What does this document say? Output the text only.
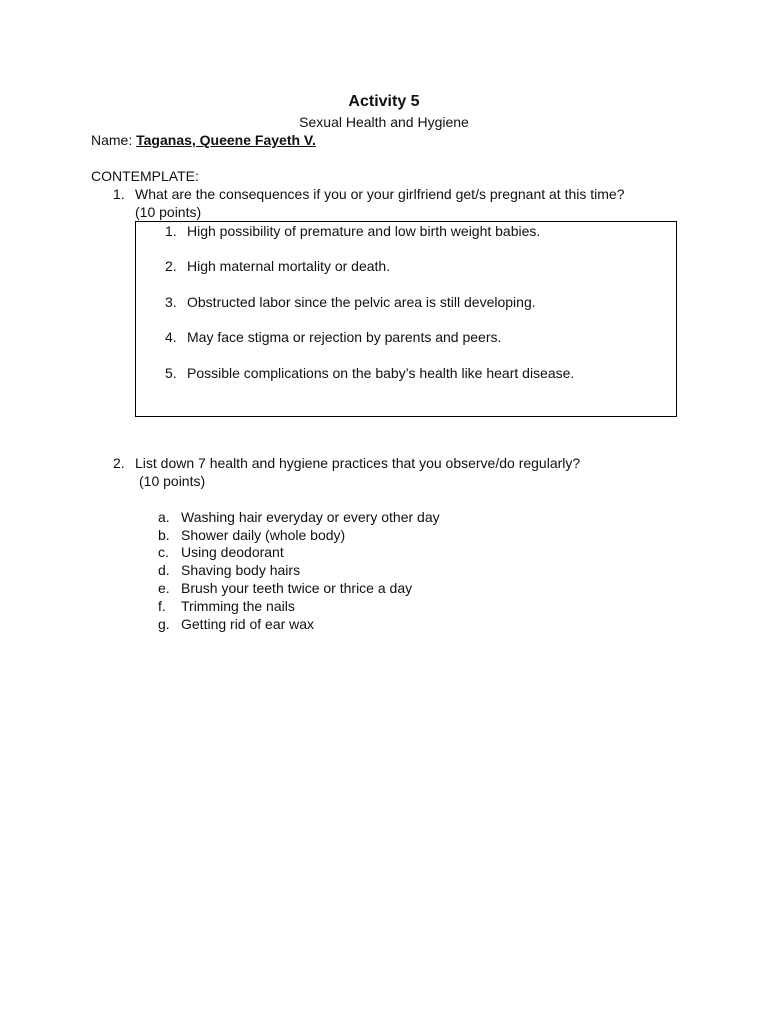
Activity 5
Sexual Health and Hygiene
Name: Taganas, Queene Fayeth V.
CONTEMPLATE:
1. What are the consequences if you or your girlfriend get/s pregnant at this time?
(10 points)
1. High possibility of premature and low birth weight babies.
2. High maternal mortality or death.
3. Obstructed labor since the pelvic area is still developing.
4. May face stigma or rejection by parents and peers.
5. Possible complications on the baby’s health like heart disease.
2. List down 7 health and hygiene practices that you observe/do regularly?
(10 points)
a. Washing hair everyday or every other day
b. Shower daily (whole body)
c. Using deodorant
d. Shaving body hairs
e. Brush your teeth twice or thrice a day
f. Trimming the nails
g. Getting rid of ear wax
